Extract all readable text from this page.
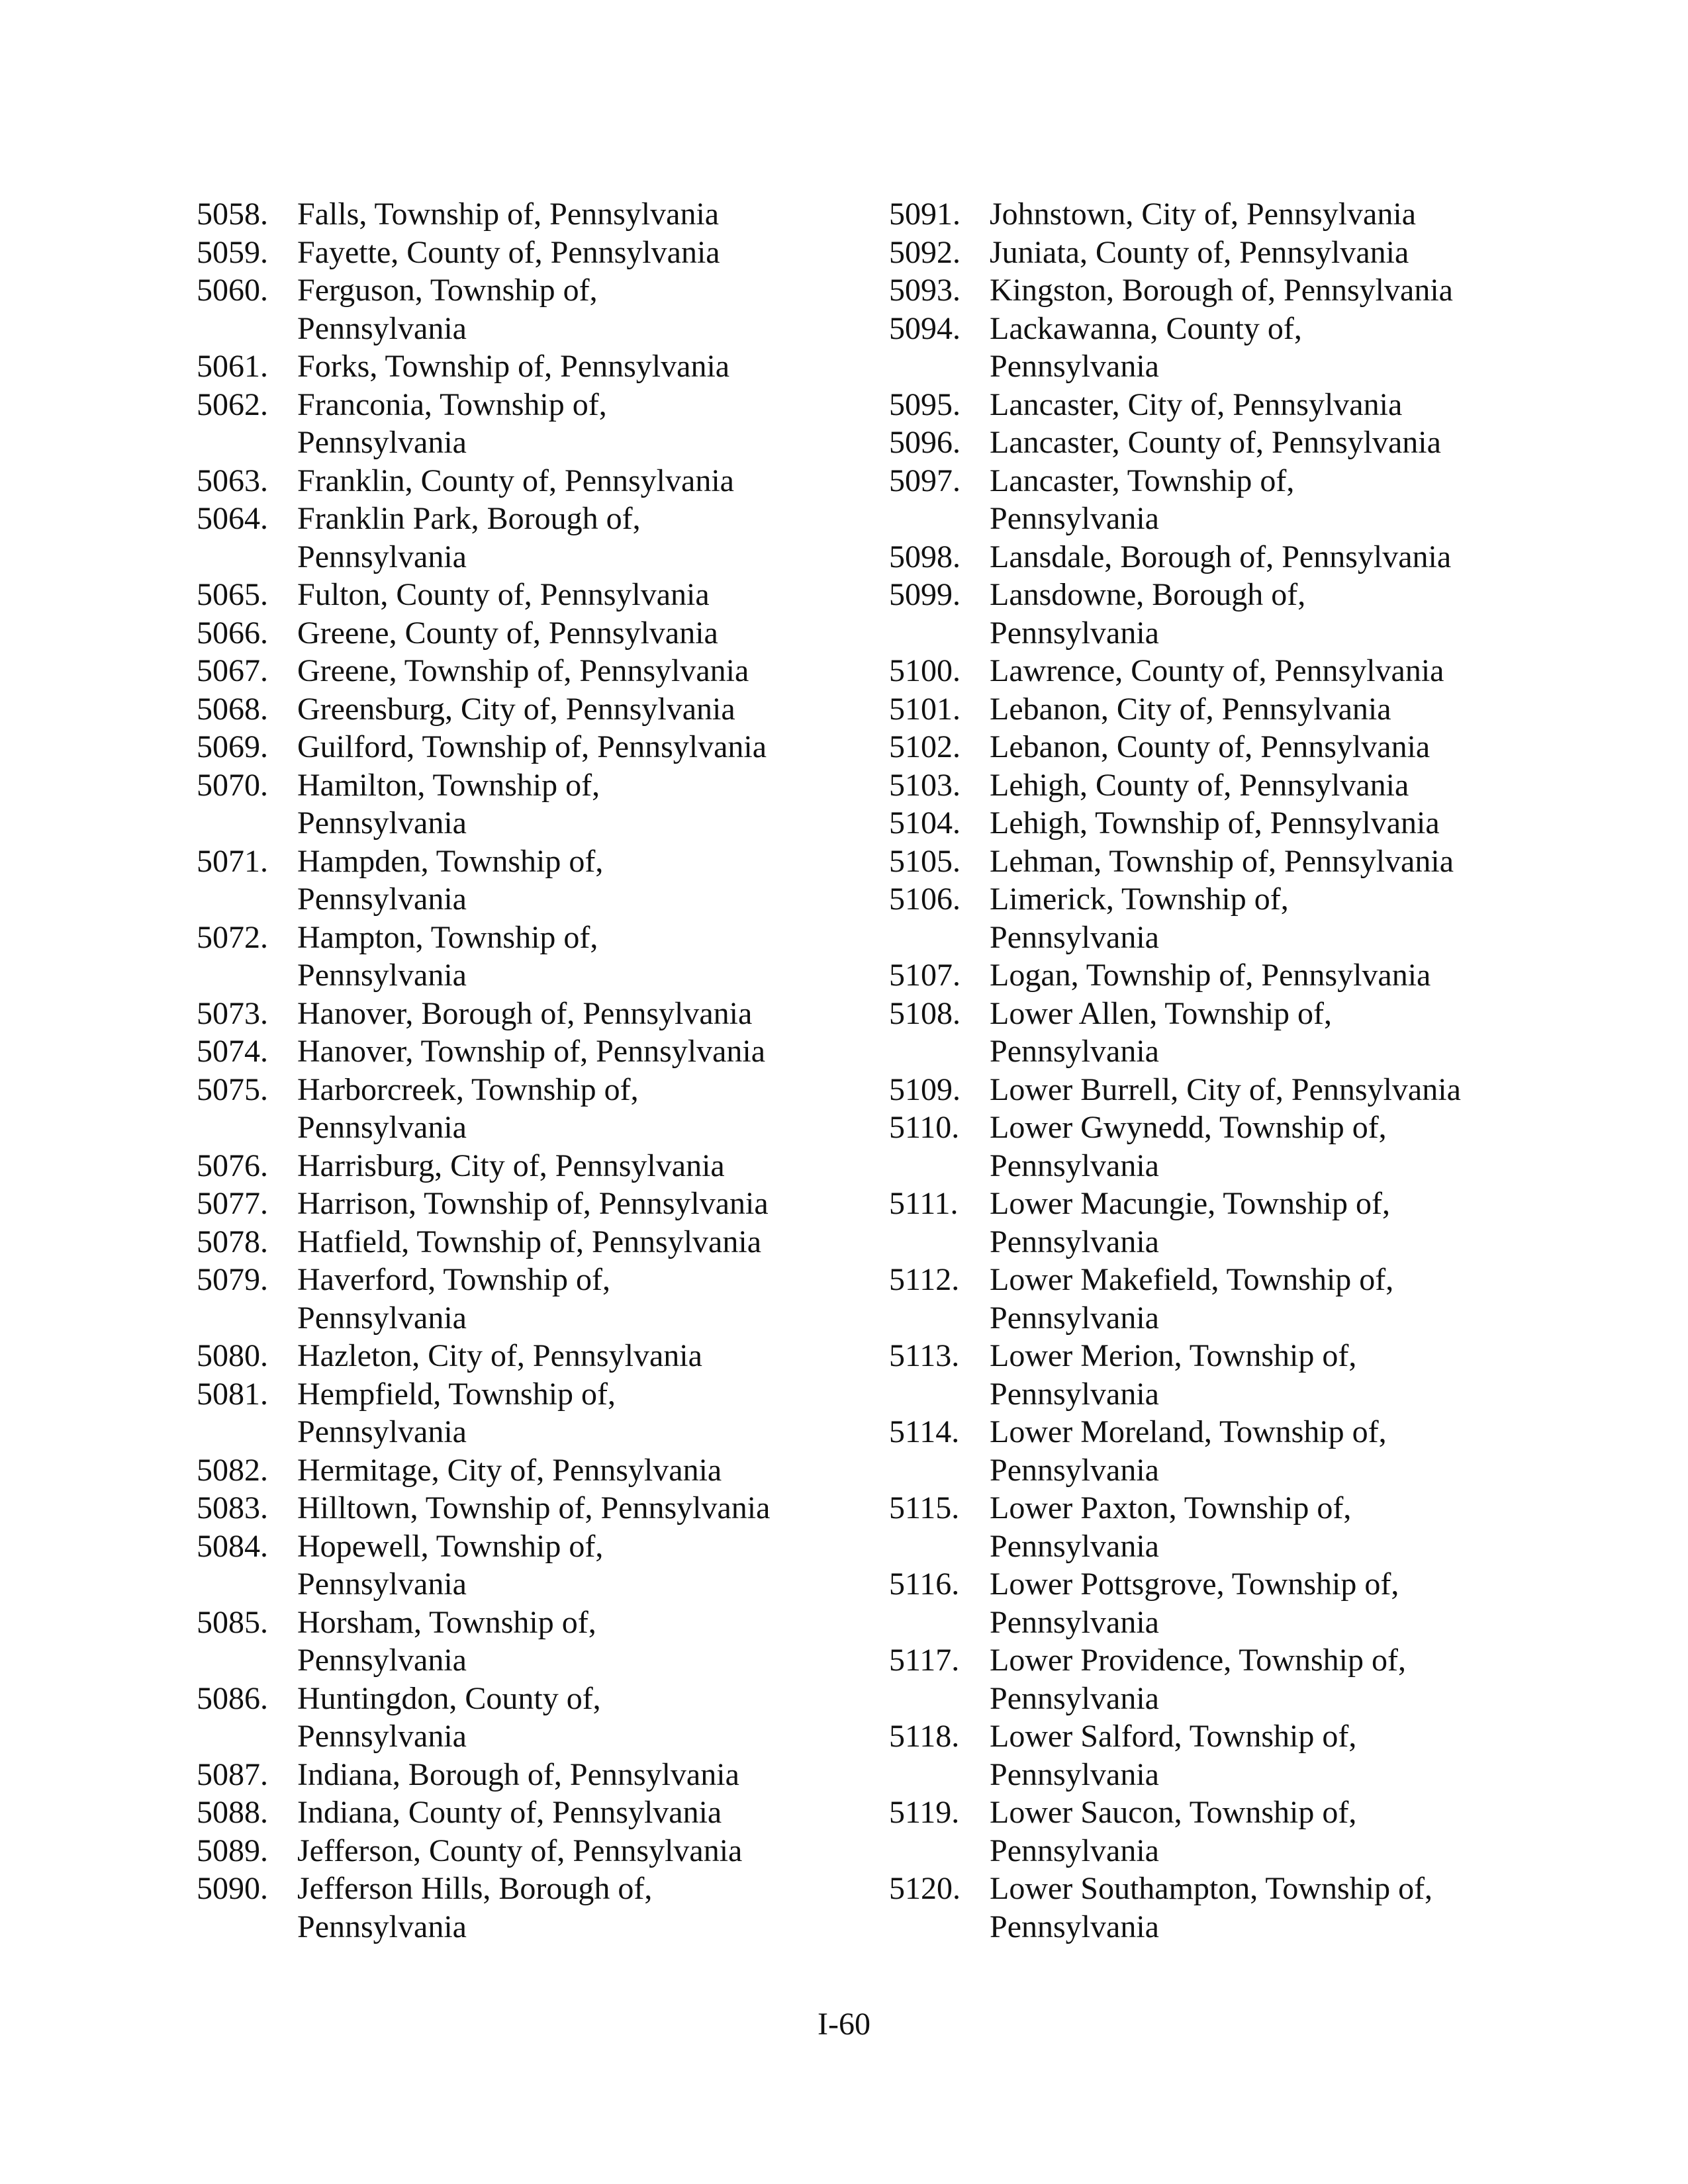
5058. Falls, Township of, Pennsylvania
5059. Fayette, County of, Pennsylvania
5060. Ferguson, Township of,
Pennsylvania
5061. Forks, Township of, Pennsylvania
5062. Franconia, Township of,
Pennsylvania
5063. Franklin, County of, Pennsylvania
5064. Franklin Park, Borough of,
Pennsylvania
5065. Fulton, County of, Pennsylvania
5066. Greene, County of, Pennsylvania
5067. Greene, Township of, Pennsylvania
5068. Greensburg, City of, Pennsylvania
5069. Guilford, Township of, Pennsylvania
5070. Hamilton, Township of,
Pennsylvania
5071. Hampden, Township of,
Pennsylvania
5072. Hampton, Township of,
Pennsylvania
5073. Hanover, Borough of, Pennsylvania
5074. Hanover, Township of, Pennsylvania
5075. Harborcreek, Township of,
Pennsylvania
5076. Harrisburg, City of, Pennsylvania
5077. Harrison, Township of, Pennsylvania
5078. Hatfield, Township of, Pennsylvania
5079. Haverford, Township of,
Pennsylvania
5080. Hazleton, City of, Pennsylvania
5081. Hempfield, Township of,
Pennsylvania
5082. Hermitage, City of, Pennsylvania
5083. Hilltown, Township of, Pennsylvania
5084. Hopewell, Township of,
Pennsylvania
5085. Horsham, Township of,
Pennsylvania
5086. Huntingdon, County of,
Pennsylvania
5087. Indiana, Borough of, Pennsylvania
5088. Indiana, County of, Pennsylvania
5089. Jefferson, County of, Pennsylvania
5090. Jefferson Hills, Borough of,
Pennsylvania
5091. Johnstown, City of, Pennsylvania
5092. Juniata, County of, Pennsylvania
5093. Kingston, Borough of, Pennsylvania
5094. Lackawanna, County of,
Pennsylvania
5095. Lancaster, City of, Pennsylvania
5096. Lancaster, County of, Pennsylvania
5097. Lancaster, Township of,
Pennsylvania
5098. Lansdale, Borough of, Pennsylvania
5099. Lansdowne, Borough of,
Pennsylvania
5100. Lawrence, County of, Pennsylvania
5101. Lebanon, City of, Pennsylvania
5102. Lebanon, County of, Pennsylvania
5103. Lehigh, County of, Pennsylvania
5104. Lehigh, Township of, Pennsylvania
5105. Lehman, Township of, Pennsylvania
5106. Limerick, Township of,
Pennsylvania
5107. Logan, Township of, Pennsylvania
5108. Lower Allen, Township of,
Pennsylvania
5109. Lower Burrell, City of, Pennsylvania
5110. Lower Gwynedd, Township of,
Pennsylvania
5111. Lower Macungie, Township of,
Pennsylvania
5112. Lower Makefield, Township of,
Pennsylvania
5113. Lower Merion, Township of,
Pennsylvania
5114. Lower Moreland, Township of,
Pennsylvania
5115. Lower Paxton, Township of,
Pennsylvania
5116. Lower Pottsgrove, Township of,
Pennsylvania
5117. Lower Providence, Township of,
Pennsylvania
5118. Lower Salford, Township of,
Pennsylvania
5119. Lower Saucon, Township of,
Pennsylvania
5120. Lower Southampton, Township of,
Pennsylvania
I-60
